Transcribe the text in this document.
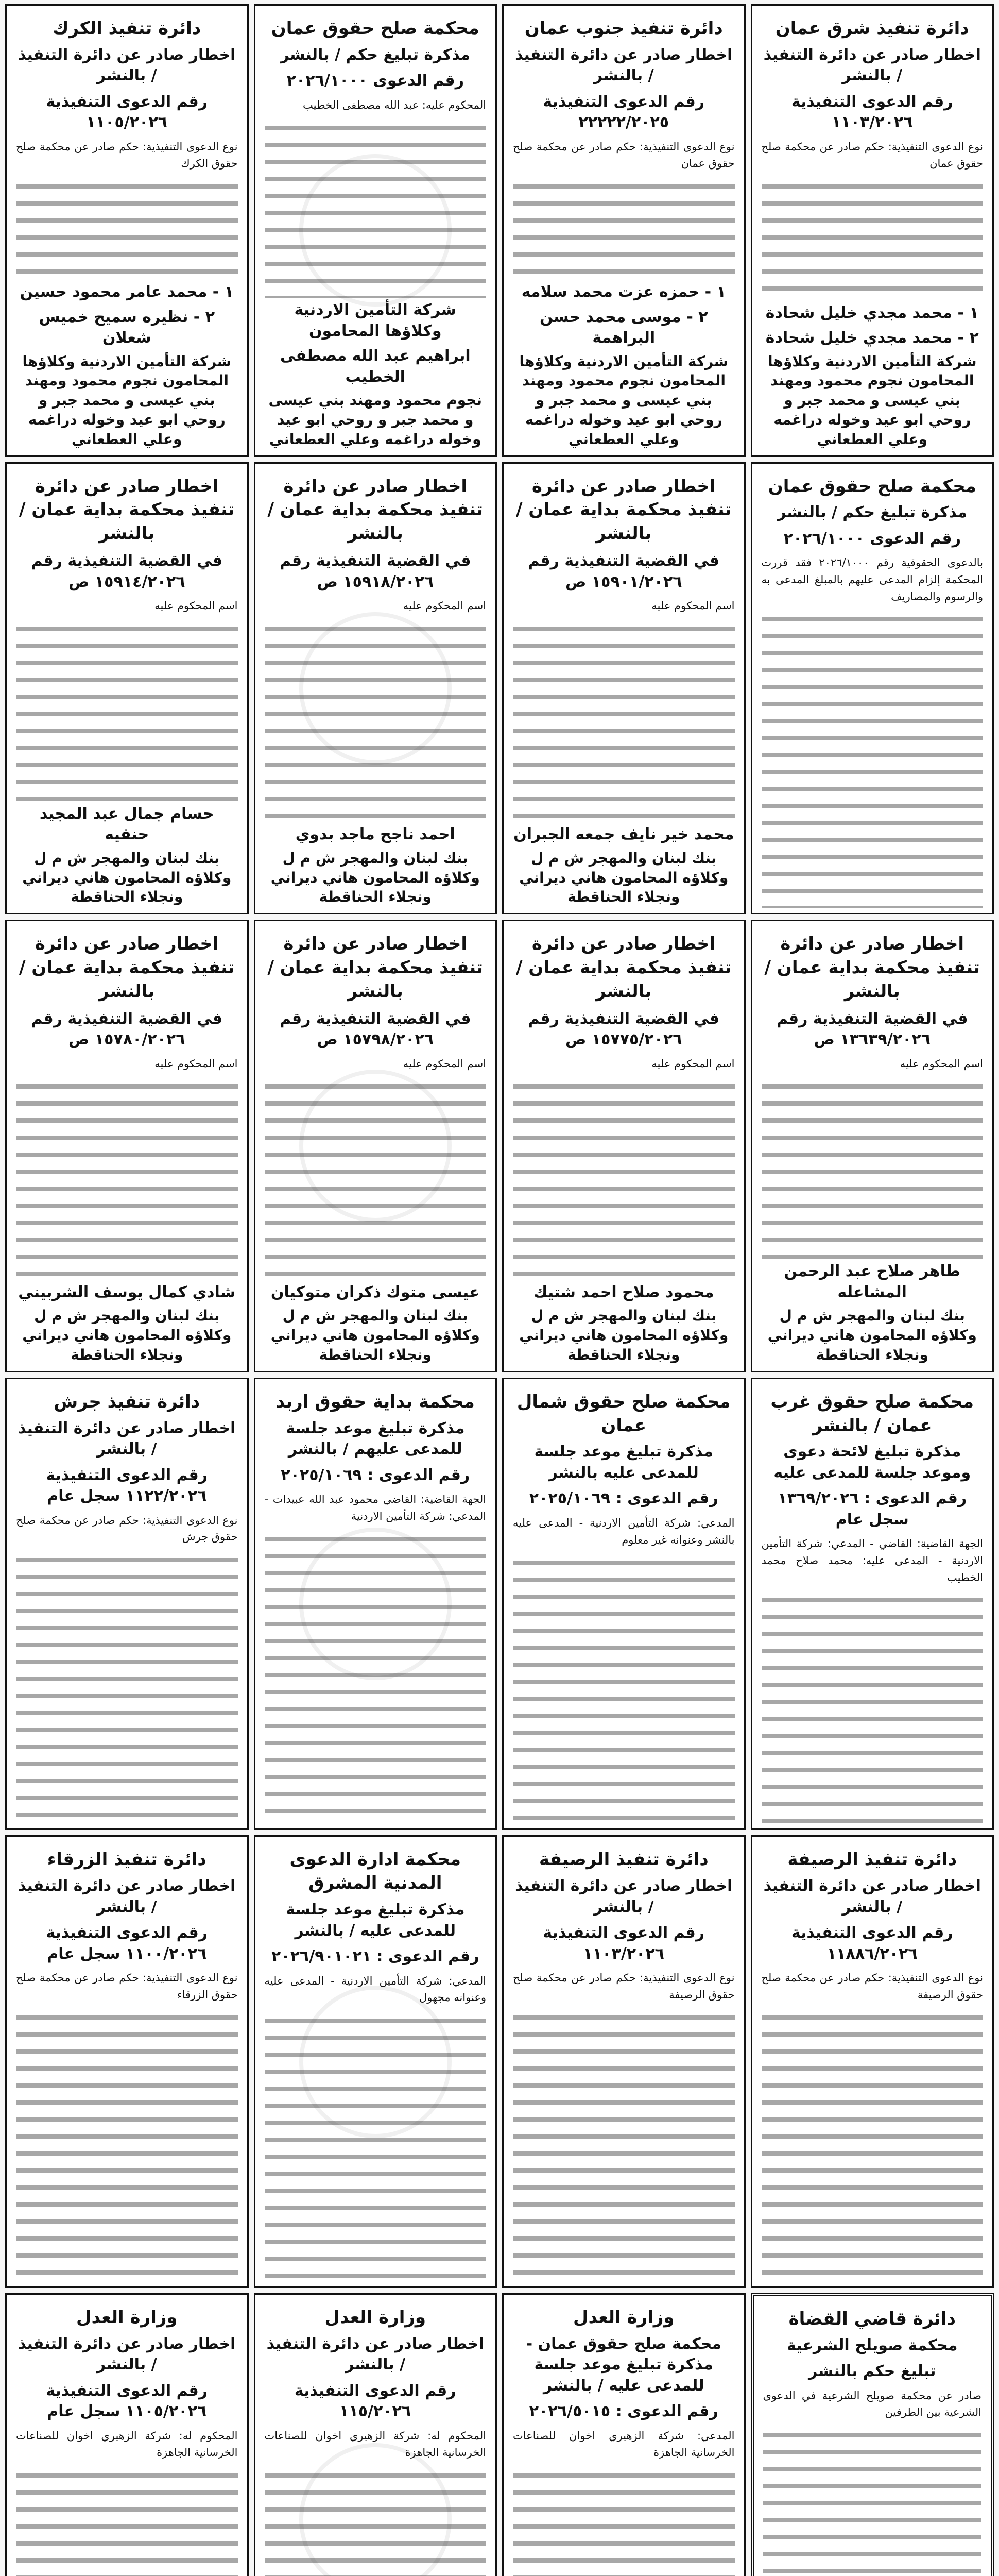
دائرة تنفيذ شرق عمان
اخطار صادر عن دائرة التنفيذ / بالنشر
رقم الدعوى التنفيذية ١١٠٣/٢٠٢٦
نوع الدعوى التنفيذية: حكم صادر عن محكمة صلح حقوق عمان
١ - محمد مجدي خليل شحادة
٢ - محمد مجدي خليل شحادة
شركة التأمين الاردنية وكلاؤها المحامون نجوم محمود ومهند بني عيسى و محمد جبر و روحي ابو عيد وخوله دراغمه وعلي العطعاني
دائرة تنفيذ جنوب عمان
اخطار صادر عن دائرة التنفيذ / بالنشر
رقم الدعوى التنفيذية ٢٢٢٢٢/٢٠٢٥
نوع الدعوى التنفيذية: حكم صادر عن محكمة صلح حقوق عمان
١ - حمزه عزت محمد سلامه
٢ - موسى محمد حسن البراهمة
شركة التأمين الاردنية وكلاؤها المحامون نجوم محمود ومهند بني عيسى و محمد جبر و روحي ابو عيد وخوله دراغمه وعلي العطعاني
محكمة صلح حقوق عمان
مذكرة تبليغ حكم / بالنشر
رقم الدعوى ٢٠٢٦/١٠٠٠
المحكوم عليه: عبد الله مصطفى الخطيب
شركة التأمين الاردنية وكلاؤها المحامون
ابراهيم عبد الله مصطفى الخطيب
نجوم محمود ومهند بني عيسى و محمد جبر و روحي ابو عيد وخوله دراغمه وعلي العطعاني
دائرة تنفيذ الكرك
اخطار صادر عن دائرة التنفيذ / بالنشر
رقم الدعوى التنفيذية ١١٠٥/٢٠٢٦
نوع الدعوى التنفيذية: حكم صادر عن محكمة صلح حقوق الكرك
١ - محمد عامر محمود حسين
٢ - نظيره سميح خميس شعلان
شركة التأمين الاردنية وكلاؤها المحامون نجوم محمود ومهند بني عيسى و محمد جبر و روحي ابو عيد وخوله دراغمه وعلي العطعاني
محكمة صلح حقوق عمان
مذكرة تبليغ حكم / بالنشر
رقم الدعوى ٢٠٢٦/١٠٠٠
بالدعوى الحقوقية رقم ٢٠٢٦/١٠٠٠ فقد قررت المحكمة إلزام المدعى عليهم بالمبلغ المدعى به والرسوم والمصاريف
اخطار صادر عن دائرة تنفيذ محكمة بداية عمان / بالنشر
في القضية التنفيذية رقم ١٥٩٠١/٢٠٢٦ ص
اسم المحكوم عليه
محمد خير نايف جمعه الجبران
بنك لبنان والمهجر ش م ل وكلاؤه المحامون هاني ديراني ونجلاء الحناقطة
اخطار صادر عن دائرة تنفيذ محكمة بداية عمان / بالنشر
في القضية التنفيذية رقم ١٥٩١٨/٢٠٢٦ ص
اسم المحكوم عليه
احمد ناجح ماجد بدوي
بنك لبنان والمهجر ش م ل وكلاؤه المحامون هاني ديراني ونجلاء الحناقطة
اخطار صادر عن دائرة تنفيذ محكمة بداية عمان / بالنشر
في القضية التنفيذية رقم ١٥٩١٤/٢٠٢٦ ص
اسم المحكوم عليه
حسام جمال عبد المجيد حنفيه
بنك لبنان والمهجر ش م ل وكلاؤه المحامون هاني ديراني ونجلاء الحناقطة
اخطار صادر عن دائرة تنفيذ محكمة بداية عمان / بالنشر
في القضية التنفيذية رقم ١٣٦٣٩/٢٠٢٦ ص
اسم المحكوم عليه
طاهر صلاح عبد الرحمن المشاعله
بنك لبنان والمهجر ش م ل وكلاؤه المحامون هاني ديراني ونجلاء الحناقطة
اخطار صادر عن دائرة تنفيذ محكمة بداية عمان / بالنشر
في القضية التنفيذية رقم ١٥٧٧٥/٢٠٢٦ ص
اسم المحكوم عليه
محمود صلاح احمد شتيك
بنك لبنان والمهجر ش م ل وكلاؤه المحامون هاني ديراني ونجلاء الحناقطة
اخطار صادر عن دائرة تنفيذ محكمة بداية عمان / بالنشر
في القضية التنفيذية رقم ١٥٧٩٨/٢٠٢٦ ص
اسم المحكوم عليه
عيسى متوك ذكران متوكيان
بنك لبنان والمهجر ش م ل وكلاؤه المحامون هاني ديراني ونجلاء الحناقطة
اخطار صادر عن دائرة تنفيذ محكمة بداية عمان / بالنشر
في القضية التنفيذية رقم ١٥٧٨٠/٢٠٢٦ ص
اسم المحكوم عليه
شادي كمال يوسف الشربيني
بنك لبنان والمهجر ش م ل وكلاؤه المحامون هاني ديراني ونجلاء الحناقطة
محكمة صلح حقوق غرب عمان / بالنشر
مذكرة تبليغ لائحة دعوى وموعد جلسة للمدعى عليه
رقم الدعوى : ١٣٦٩/٢٠٢٦ سجل عام
الجهة القاضية: القاضي - المدعي: شركة التأمين الاردنية - المدعى عليه: محمد صلاح محمد الخطيب
محكمة صلح حقوق شمال عمان
مذكرة تبليغ موعد جلسة للمدعى عليه بالنشر
رقم الدعوى : ٢٠٢٥/١٠٦٩
المدعي: شركة التأمين الاردنية - المدعى عليه بالنشر وعنوانه غير معلوم
محكمة بداية حقوق اربد
مذكرة تبليغ موعد جلسة للمدعى عليهم / بالنشر
رقم الدعوى : ٢٠٢٥/١٠٦٩
الجهة القاضية: القاضي محمود عبد الله عبيدات - المدعي: شركة التأمين الاردنية
دائرة تنفيذ جرش
اخطار صادر عن دائرة التنفيذ / بالنشر
رقم الدعوى التنفيذية ١١٢٢/٢٠٢٦ سجل عام
نوع الدعوى التنفيذية: حكم صادر عن محكمة صلح حقوق جرش
دائرة تنفيذ الرصيفة
اخطار صادر عن دائرة التنفيذ / بالنشر
رقم الدعوى التنفيذية ١١٨٨٦/٢٠٢٦
نوع الدعوى التنفيذية: حكم صادر عن محكمة صلح حقوق الرصيفة
دائرة تنفيذ الرصيفة
اخطار صادر عن دائرة التنفيذ / بالنشر
رقم الدعوى التنفيذية ١١٠٣/٢٠٢٦
نوع الدعوى التنفيذية: حكم صادر عن محكمة صلح حقوق الرصيفة
محكمة ادارة الدعوى المدنية المشرق
مذكرة تبليغ موعد جلسة للمدعى عليه / بالنشر
رقم الدعوى : ٢٠٢٦/٩٠١٠٢١
المدعي: شركة التأمين الاردنية - المدعى عليه وعنوانه مجهول
دائرة تنفيذ الزرقاء
اخطار صادر عن دائرة التنفيذ / بالنشر
رقم الدعوى التنفيذية ١١٠٠/٢٠٢٦ سجل عام
نوع الدعوى التنفيذية: حكم صادر عن محكمة صلح حقوق الزرقاء
دائرة قاضي القضاة
محكمة صويلح الشرعية
تبليغ حكم بالنشر
صادر عن محكمة صويلح الشرعية في الدعوى الشرعية بين الطرفين
وزارة العدل
محكمة صلح حقوق عمان - مذكرة تبليغ موعد جلسة للمدعى عليه / بالنشر
رقم الدعوى : ٢٠٢٦/٥٠١٥
المدعي: شركة الزهيري اخوان للصناعات الخرسانية الجاهزة
وزارة العدل
اخطار صادر عن دائرة التنفيذ / بالنشر
رقم الدعوى التنفيذية ١١٥/٢٠٢٦
المحكوم له: شركة الزهيري اخوان للصناعات الخرسانية الجاهزة
وزارة العدل
اخطار صادر عن دائرة التنفيذ / بالنشر
رقم الدعوى التنفيذية ١١٠٥/٢٠٢٦ سجل عام
المحكوم له: شركة الزهيري اخوان للصناعات الخرسانية الجاهزة
